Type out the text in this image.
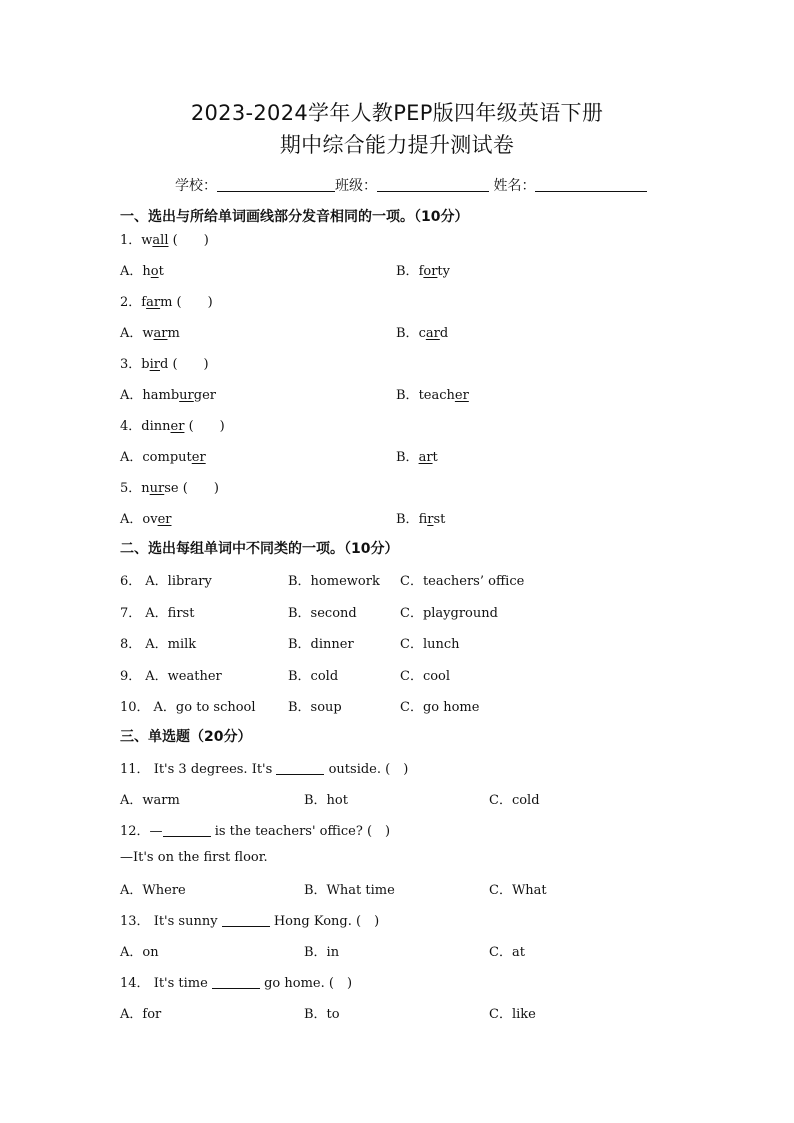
2023-2024学年人教PEP版四年级英语下册
期中综合能力提升测试卷
学校：	班级：	姓名：
一、选出与所给单词画线部分发音相同的一项。（10分）
1．wall (　　)
A．hot	B．forty
2．farm (　　)
A．warm	B．card
3．bird (　　)
A．hamburger	B．teacher
4．dinner (　　)
A．computer	B．art
5．nurse (　　)
A．over	B．first
二、选出每组单词中不同类的一项。（10分）
6． A．library	B．homework C．teachers’ office
7． A．first	B．second	C．playground
8． A．milk	B．dinner	C．lunch
9． A．weather	B．cold	C．cool
10． A．go to school B．soup	C．go home
三、单选题（20分）
11． It's 3 degrees. It's	outside. (　)
A．warm	B．hot	C．cold
12．—	is the teachers' office? (　)
—It's on the first floor.
A．Where	B．What time	C．What
13． It's sunny	Hong Kong. (　)
A．on	B．in	C．at
14． It's time	go home. (　)
A．for	B．to	C．like
